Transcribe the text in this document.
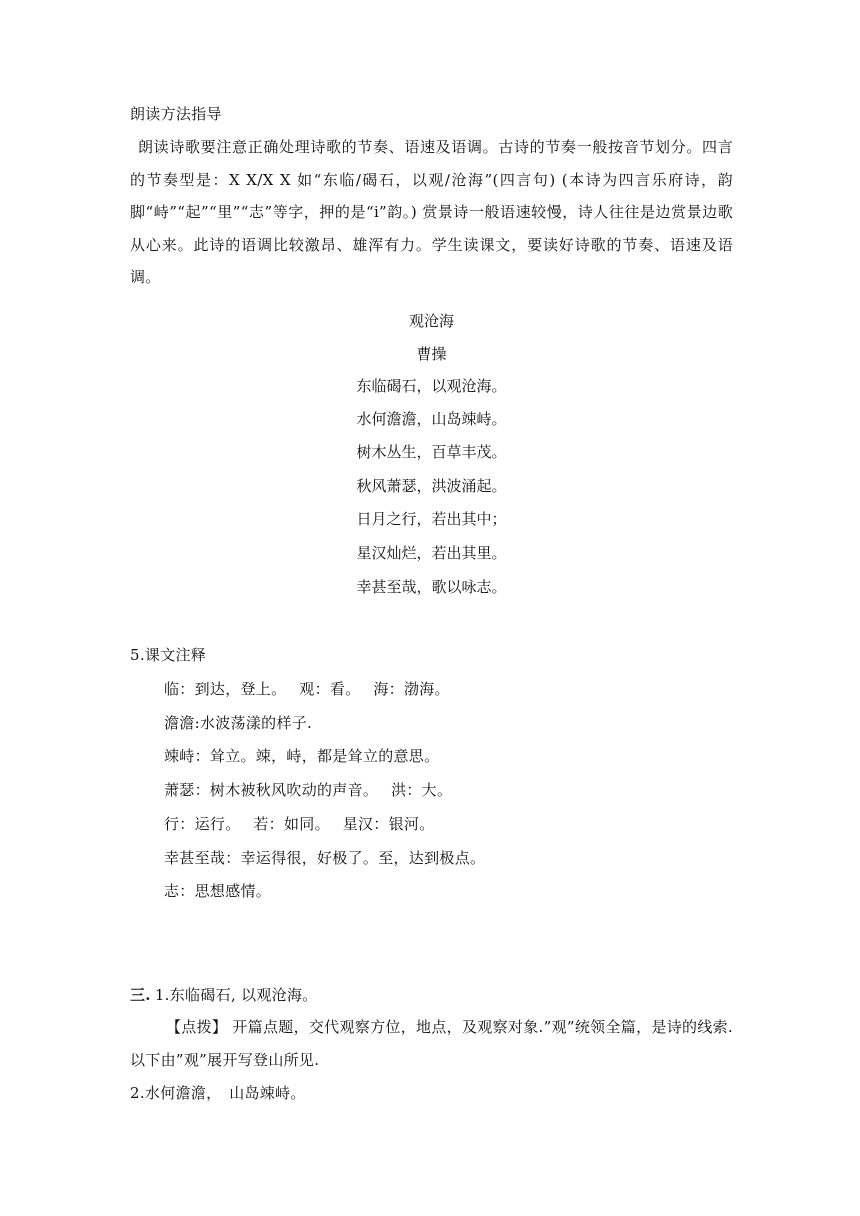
朗读方法指导
朗读诗歌要注意正确处理诗歌的节奏、语速及语调。古诗的节奏一般按音节划分。四言的节奏型是：X X/X X 如“东临/碣石，以观/沧海”(四言句) (本诗为四言乐府诗，韵脚“峙”“起”“里”“志”等字，押的是“i”韵。) 赏景诗一般语速较慢，诗人往往是边赏景边歌从心来。此诗的语调比较激昂、雄浑有力。学生读课文，要读好诗歌的节奏、语速及语调。
观沧海
曹操
东临碣石，以观沧海。
水何澹澹，山岛竦峙。
树木丛生，百草丰茂。
秋风萧瑟，洪波涌起。
日月之行，若出其中；
星汉灿烂，若出其里。
幸甚至哉，歌以咏志。
5.课文注释
临：到达，登上。　 观：看。　 海：渤海。
澹澹:水波荡漾的样子.
竦峙：耸立。竦，峙，都是耸立的意思。
萧瑟：树木被秋风吹动的声音。　 洪：大。
行：运行。　 若：如同。　 星汉：银河。
幸甚至哉：幸运得很，好极了。至，达到极点。
志：思想感情。
三. 1.东临碣石, 以观沧海。
【点拨】 开篇点题，交代观察方位，地点，及观察对象.”观”统领全篇，是诗的线索.以下由”观”展开写登山所见.
2.水何澹澹，　山岛竦峙。
